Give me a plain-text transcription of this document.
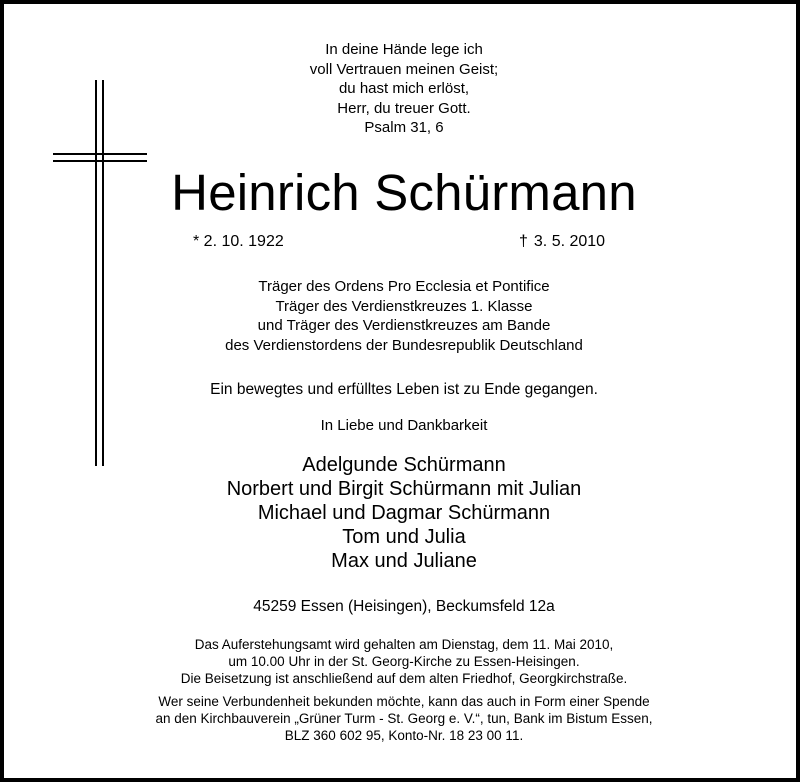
In deine Hände lege ich
voll Vertrauen meinen Geist;
du hast mich erlöst,
Herr, du treuer Gott.
Psalm 31, 6
Heinrich Schürmann
* 2. 10. 1922	† 3. 5. 2010
Träger des Ordens Pro Ecclesia et Pontifice
Träger des Verdienstkreuzes 1. Klasse
und Träger des Verdienstkreuzes am Bande
des Verdienstordens der Bundesrepublik Deutschland
Ein bewegtes und erfülltes Leben ist zu Ende gegangen.
In Liebe und Dankbarkeit
Adelgunde Schürmann
Norbert und Birgit Schürmann mit Julian
Michael und Dagmar Schürmann
Tom und Julia
Max und Juliane
45259 Essen (Heisingen), Beckumsfeld 12a
Das Auferstehungsamt wird gehalten am Dienstag, dem 11. Mai 2010,
um 10.00 Uhr in der St. Georg-Kirche zu Essen-Heisingen.
Die Beisetzung ist anschließend auf dem alten Friedhof, Georgkirchstraße.
Wer seine Verbundenheit bekunden möchte, kann das auch in Form einer Spende
an den Kirchbauverein „Grüner Turm - St. Georg e. V.“, tun, Bank im Bistum Essen,
BLZ 360 602 95, Konto-Nr. 18 23 00 11.
